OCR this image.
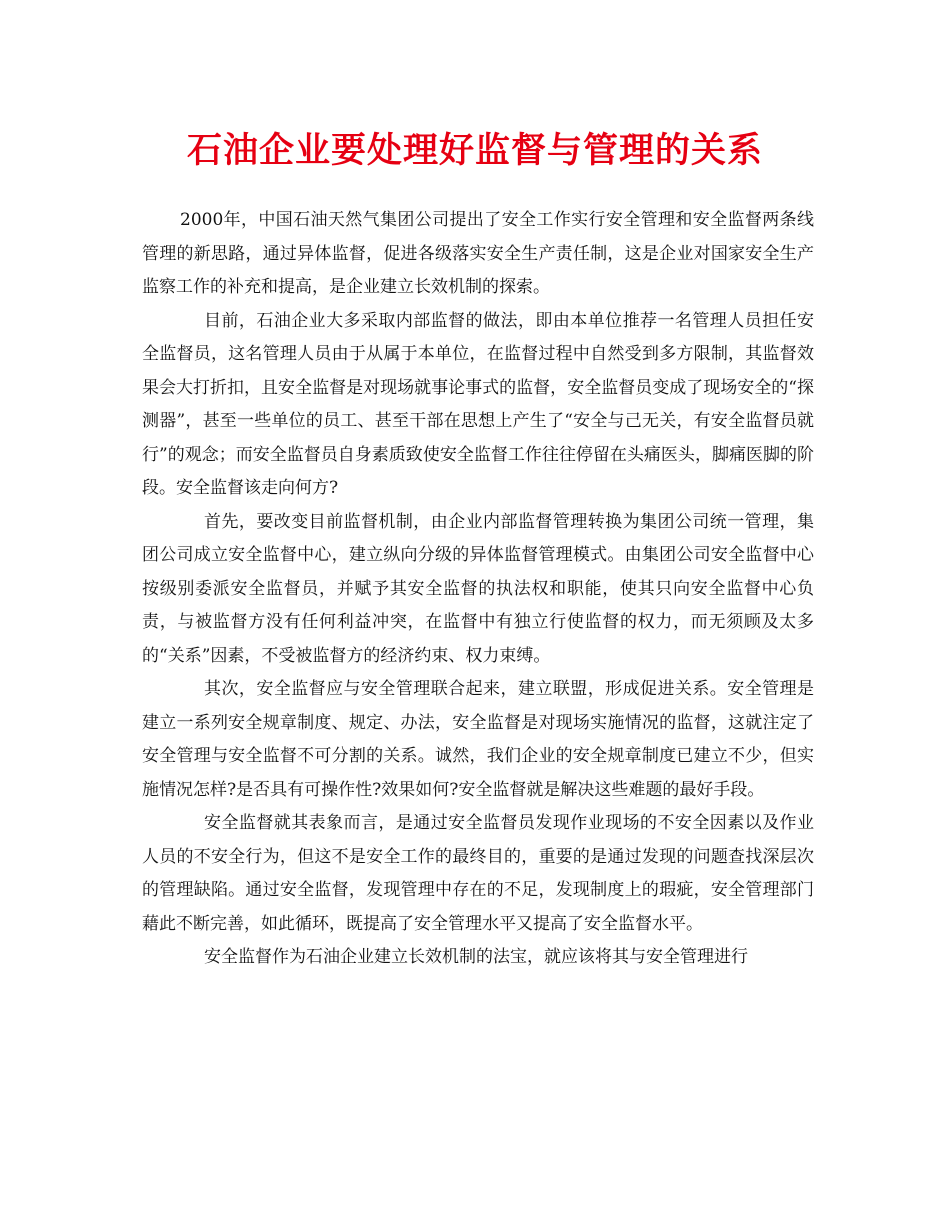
石油企业要处理好监督与管理的关系

2000年，中国石油天然气集团公司提出了安全工作实行安全管理和安全监督两条线管理的新思路，通过异体监督，促进各级落实安全生产责任制，这是企业对国家安全生产监察工作的补充和提高，是企业建立长效机制的探索。

目前，石油企业大多采取内部监督的做法，即由本单位推荐一名管理人员担任安全监督员，这名管理人员由于从属于本单位，在监督过程中自然受到多方限制，其监督效果会大打折扣，且安全监督是对现场就事论事式的监督，安全监督员变成了现场安全的“探测器”，甚至一些单位的员工、甚至干部在思想上产生了“安全与己无关，有安全监督员就行”的观念；而安全监督员自身素质致使安全监督工作往往停留在头痛医头，脚痛医脚的阶段。安全监督该走向何方?

首先，要改变目前监督机制，由企业内部监督管理转换为集团公司统一管理，集团公司成立安全监督中心，建立纵向分级的异体监督管理模式。由集团公司安全监督中心按级别委派安全监督员，并赋予其安全监督的执法权和职能，使其只向安全监督中心负责，与被监督方没有任何利益冲突，在监督中有独立行使监督的权力，而无须顾及太多的“关系”因素，不受被监督方的经济约束、权力束缚。

其次，安全监督应与安全管理联合起来，建立联盟，形成促进关系。安全管理是建立一系列安全规章制度、规定、办法，安全监督是对现场实施情况的监督，这就注定了安全管理与安全监督不可分割的关系。诚然，我们企业的安全规章制度已建立不少，但实施情况怎样?是否具有可操作性?效果如何?安全监督就是解决这些难题的最好手段。

安全监督就其表象而言，是通过安全监督员发现作业现场的不安全因素以及作业人员的不安全行为，但这不是安全工作的最终目的，重要的是通过发现的问题查找深层次的管理缺陷。通过安全监督，发现管理中存在的不足，发现制度上的瑕疵，安全管理部门藉此不断完善，如此循环，既提高了安全管理水平又提高了安全监督水平。

安全监督作为石油企业建立长效机制的法宝，就应该将其与安全管理进行
